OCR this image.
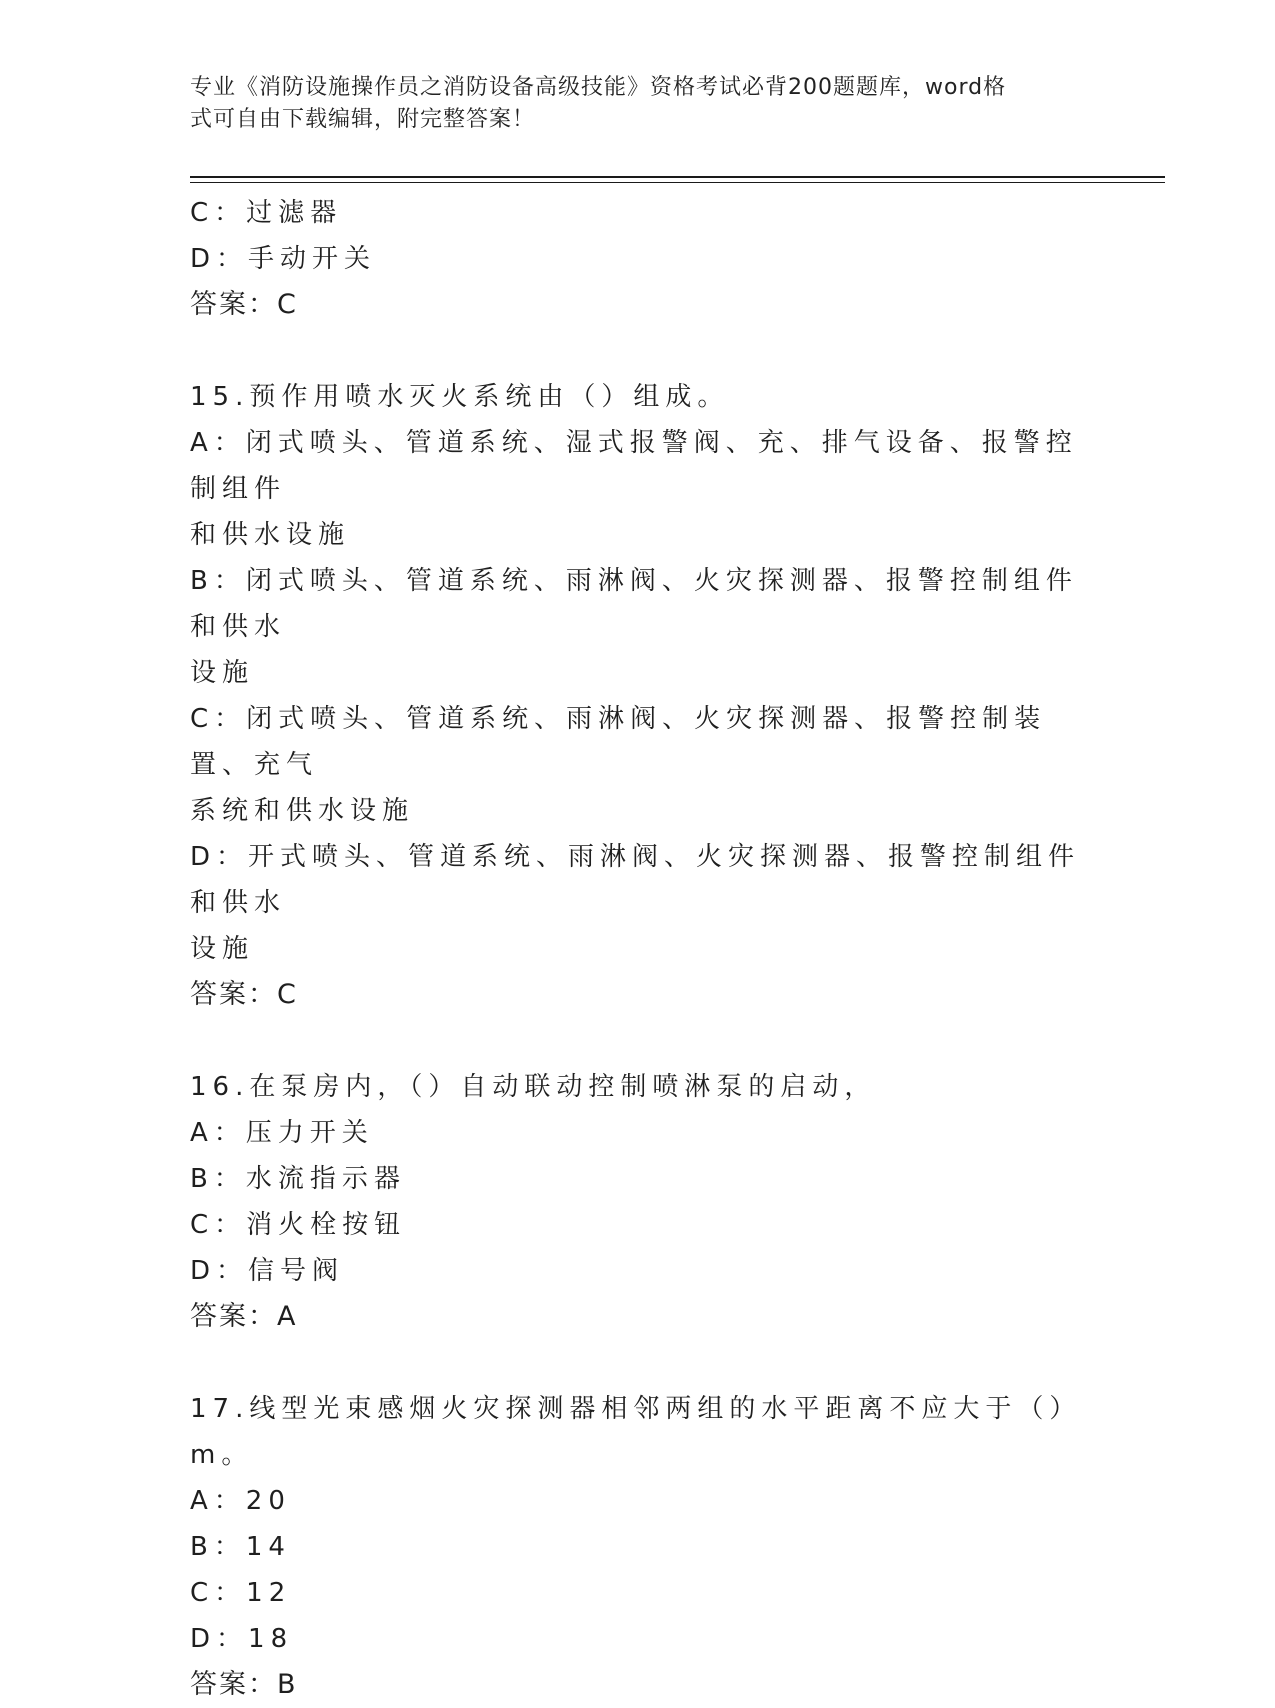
专业《消防设施操作员之消防设备高级技能》资格考试必背200题题库，word格
式可自由下载编辑，附完整答案！
C：过滤器
D：手动开关
答案：C
15.预作用喷水灭火系统由（）组成。
A：闭式喷头、管道系统、湿式报警阀、充、排气设备、报警控制组件
和供水设施
B：闭式喷头、管道系统、雨淋阀、火灾探测器、报警控制组件和供水
设施
C：闭式喷头、管道系统、雨淋阀、火灾探测器、报警控制装置、充气
系统和供水设施
D：开式喷头、管道系统、雨淋阀、火灾探测器、报警控制组件和供水
设施
答案：C
16.在泵房内，（）自动联动控制喷淋泵的启动，
A：压力开关
B：水流指示器
C：消火栓按钮
D：信号阀
答案：A
17.线型光束感烟火灾探测器相邻两组的水平距离不应大于（）m。
A：20
B：14
C：12
D：18
答案：B
